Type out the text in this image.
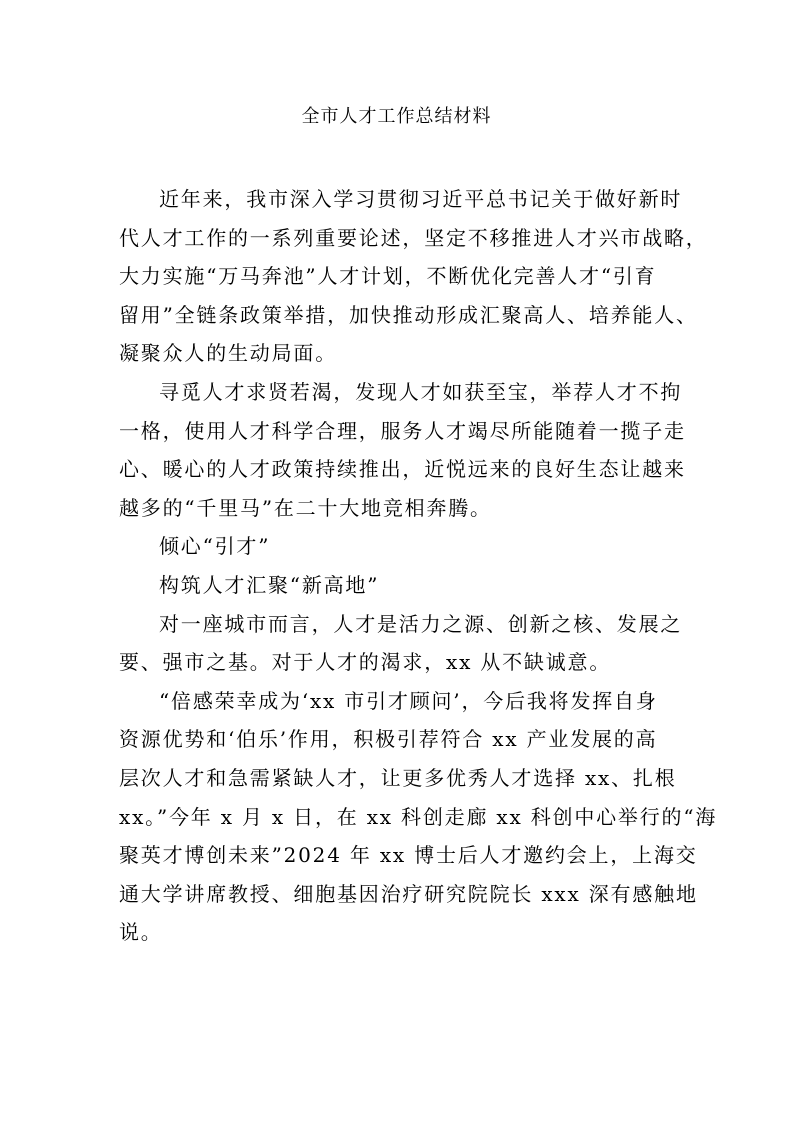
全市人才工作总结材料
近年来，我市深入学习贯彻习近平总书记关于做好新时
代人才工作的一系列重要论述，坚定不移推进人才兴市战略，
大力实施“万马奔池”人才计划，不断优化完善人才“引育
留用”全链条政策举措，加快推动形成汇聚高人、培养能人、
凝聚众人的生动局面。
寻觅人才求贤若渴，发现人才如获至宝，举荐人才不拘
一格，使用人才科学合理，服务人才竭尽所能随着一揽子走
心、暖心的人才政策持续推出，近悦远来的良好生态让越来
越多的“千里马”在二十大地竞相奔腾。
倾心“引才”
构筑人才汇聚“新高地”
对一座城市而言，人才是活力之源、创新之核、发展之
要、强市之基。对于人才的渴求，xx 从不缺诚意。
“倍感荣幸成为‘xx 市引才顾问’，今后我将发挥自身
资源优势和‘伯乐’作用，积极引荐符合 xx 产业发展的高
层次人才和急需紧缺人才，让更多优秀人才选择 xx、扎根
xx。”今年 x 月 x 日，在 xx 科创走廊 xx 科创中心举行的“海
聚英才博创未来”2024 年 xx 博士后人才邀约会上，上海交
通大学讲席教授、细胞基因治疗研究院院长 xxx 深有感触地
说。
